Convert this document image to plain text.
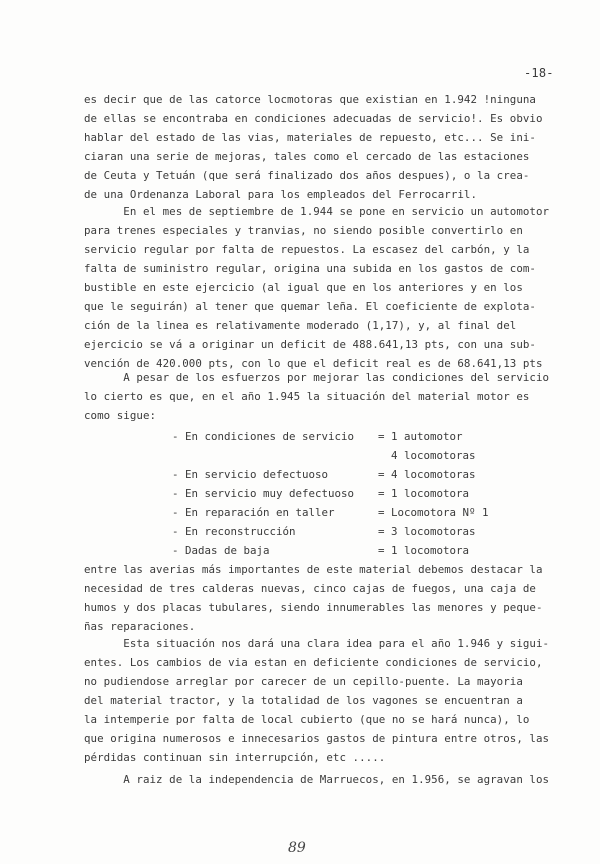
-18-
es decir que de las catorce locmotoras que existian en 1.942 !ninguna
de ellas se encontraba en condiciones adecuadas de servicio!. Es obvio
hablar del estado de las vias, materiales de repuesto, etc... Se ini-
ciaran una serie de mejoras, tales como el cercado de las estaciones
de Ceuta y Tetuán (que será finalizado dos años despues), o la crea-
de una Ordenanza Laboral para los empleados del Ferrocarril.
En el mes de septiembre de 1.944 se pone en servicio un automotor
para trenes especiales y tranvias, no siendo posible convertirlo en
servicio regular por falta de repuestos. La escasez del carbón, y la
falta de suministro regular, origina una subida en los gastos de com-
bustible en este ejercicio (al igual que en los anteriores y en los
que le seguirán) al tener que quemar leña. El coeficiente de explota-
ción de la linea es relativamente moderado (1,17), y, al final del
ejercicio se vá a originar un deficit de 488.641,13 pts, con una sub-
vención de 420.000 pts, con lo que el deficit real es de 68.641,13 pts
A pesar de los esfuerzos por mejorar las condiciones del servicio
lo cierto es que, en el año 1.945 la situación del material motor es
como sigue:
- En condiciones de servicio = 1 automotor
4 locomotoras
- En servicio defectuoso	= 4 locomotoras
- En servicio muy defectuoso = 1 locomotora
- En reparación en taller	= Locomotora Nº 1
- En reconstrucción	= 3 locomotoras
- Dadas de baja	= 1 locomotora
entre las averias más importantes de este material debemos destacar la
necesidad de tres calderas nuevas, cinco cajas de fuegos, una caja de
humos y dos placas tubulares, siendo innumerables las menores y peque-
ñas reparaciones.
Esta situación nos dará una clara idea para el año 1.946 y sigui-
entes. Los cambios de via estan en deficiente condiciones de servicio,
no pudiendose arreglar por carecer de un cepillo-puente. La mayoria
del material tractor, y la totalidad de los vagones se encuentran a
la intemperie por falta de local cubierto (que no se hará nunca), lo
que origina numerosos e innecesarios gastos de pintura entre otros, las
pérdidas continuan sin interrupción, etc .....
A raiz de la independencia de Marruecos, en 1.956, se agravan los
89
